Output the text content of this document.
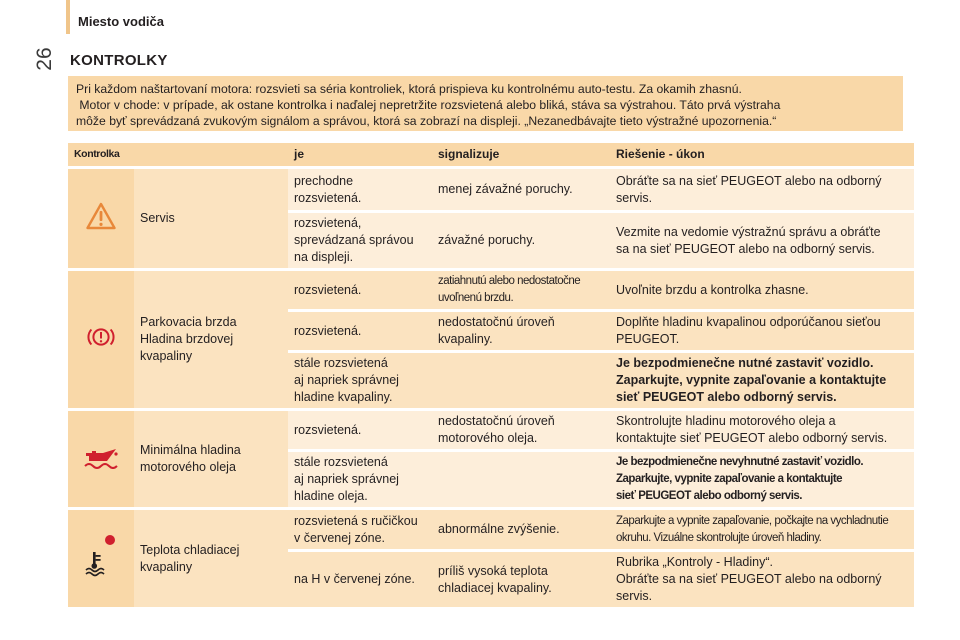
Miesto vodiča
26 KONTROLKY

Pri každom naštartovaní motora: rozsvieti sa séria kontroliek, ktorá prispieva ku kontrolnému auto-testu. Za okamih zhasnú.

Motor v chode: v prípade, ak ostane kontrolka i naďalej nepretržite rozsvietená alebo bliká, stáva sa výstrahou. Táto prvá výstraha

môže byť sprevádzaná zvukovým signálom a správou, ktorá sa zobrazí na displeji. „Nezanedbávajte tieto výstražné upozornenia.“

Kontrolka		je	signalizuje	Riešenie - úkon
	Servis	prechodne
rozsvietená.	menej závažné poruchy.	Obráťte sa na sieť PEUGEOT alebo na odborný
servis.
		rozsvietená,
sprevádzaná správou
na displeji.	závažné poruchy.	Vezmite na vedomie výstražnú správu a obráťte
sa na sieť PEUGEOT alebo na odborný servis.
	Parkovacia brzda
Hladina brzdovej
kvapaliny	rozsvietená.	zatiahnutú alebo nedostatočne
uvoľnenú brzdu.	Uvoľnite brzdu a kontrolka zhasne.
		rozsvietená.	nedostatočnú úroveň
kvapaliny.	Doplňte hladinu kvapalinou odporúčanou sieťou
PEUGEOT.
		stále rozsvietená
aj napriek správnej
hladine kvapaliny.		Je bezpodmienečne nutné zastaviť vozidlo.
Zaparkujte, vypnite zapaľovanie a kontaktujte
sieť PEUGEOT alebo odborný servis.
	Minimálna hladina
motorového oleja	rozsvietená.	nedostatočnú úroveň
motorového oleja.	Skontrolujte hladinu motorového oleja a
kontaktujte sieť PEUGEOT alebo odborný servis.
		stále rozsvietená
aj napriek správnej
hladine oleja.		Je bezpodmienečne nevyhnutné zastaviť vozidlo.
Zaparkujte, vypnite zapaľovanie a kontaktujte
sieť PEUGEOT alebo odborný servis.
	Teplota chladiacej
kvapaliny	rozsvietená s ručičkou
v červenej zóne.	abnormálne zvýšenie.	Zaparkujte a vypnite zapaľovanie, počkajte na vychladnutie
okruhu. Vizuálne skontrolujte úroveň hladiny.
		na H v červenej zóne.	príliš vysoká teplota
chladiacej kvapaliny.	Rubrika „Kontroly - Hladiny“.
Obráťte sa na sieť PEUGEOT alebo na odborný
servis.
